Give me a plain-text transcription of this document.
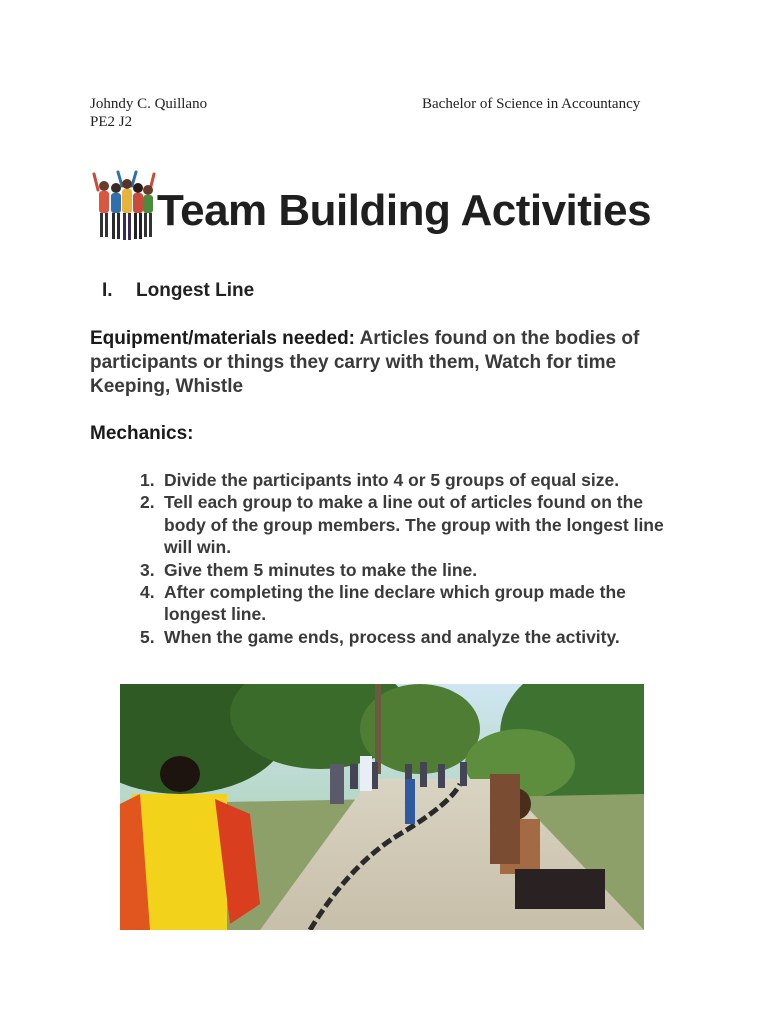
Johndy C. Quillano
PE2 J2
Bachelor of Science in Accountancy
Team Building Activities
I. Longest Line
Equipment/materials needed: Articles found on the bodies of participants or things they carry with them, Watch for time Keeping, Whistle
Mechanics:
1. Divide the participants into 4 or 5 groups of equal size.
2. Tell each group to make a line out of articles found on the body of the group members. The group with the longest line will win.
3. Give them 5 minutes to make the line.
4. After completing the line declare which group made the longest line.
5. When the game ends, process and analyze the activity.
